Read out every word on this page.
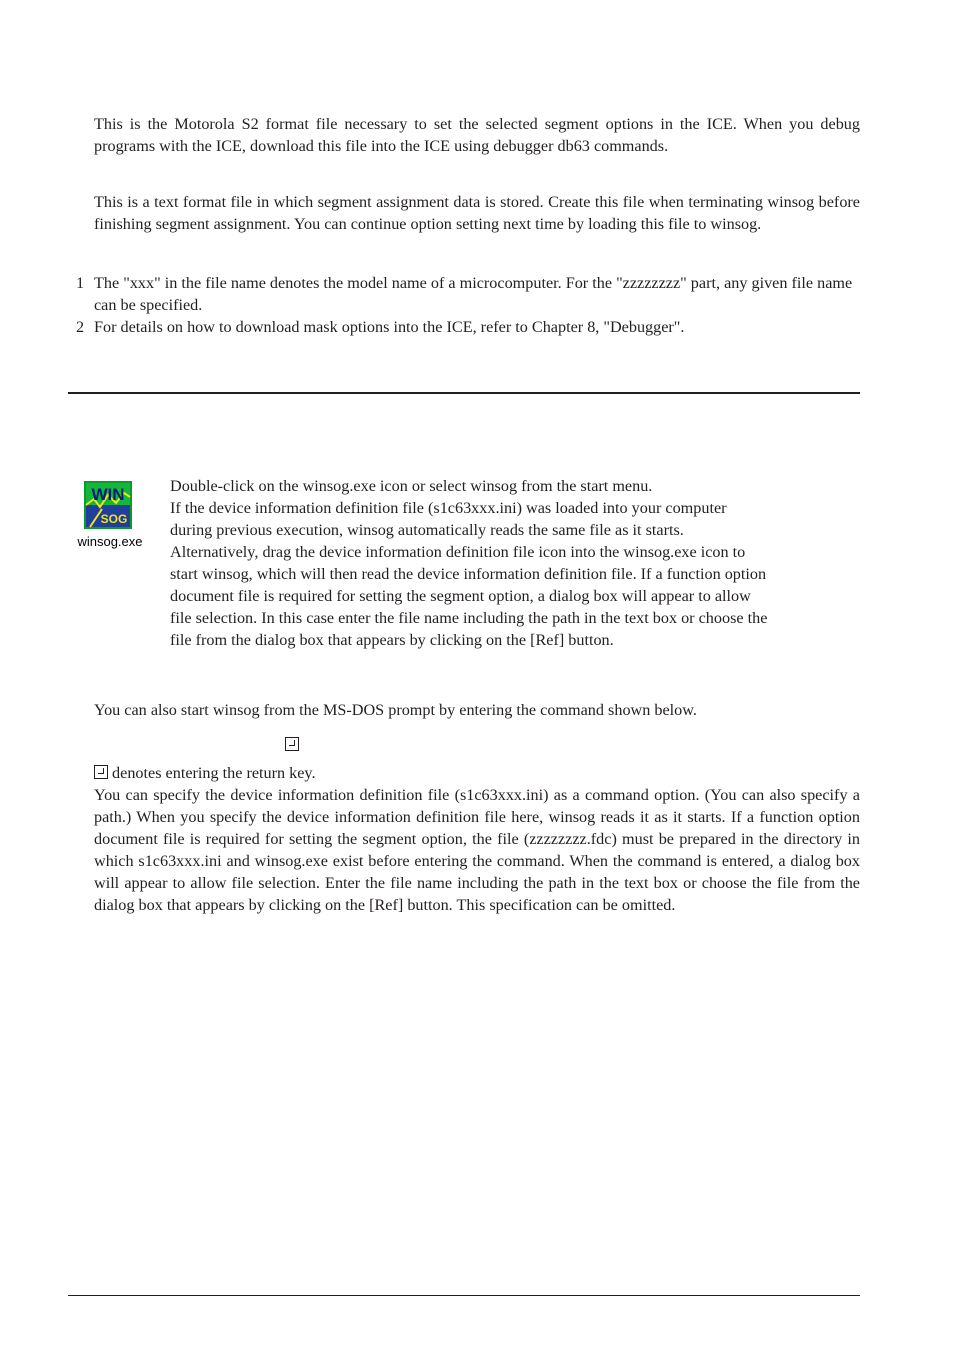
This is the Motorola S2 format file necessary to set the selected segment options in the ICE. When you debug programs with the ICE, download this file into the ICE using debugger db63 commands.

This is a text format file in which segment assignment data is stored. Create this file when terminating winsog before finishing segment assignment. You can continue option setting next time by loading this file to winsog.

1 The "xxx" in the file name denotes the model name of a microcomputer. For the "zzzzzzzz" part, any given file name can be specified.
2 For details on how to download mask options into the ICE, refer to Chapter 8, "Debugger".
WIN
SOG
winsog.exe
Double-click on the winsog.exe icon or select winsog from the start menu.
If the device information definition file (s1c63xxx.ini) was loaded into your computer
during previous execution, winsog automatically reads the same file as it starts.
Alternatively, drag the device information definition file icon into the winsog.exe icon to
start winsog, which will then read the device information definition file. If a function option
document file is required for setting the segment option, a dialog box will appear to allow
file selection. In this case enter the file name including the path in the text box or choose the
file from the dialog box that appears by clicking on the [Ref] button.

You can also start winsog from the MS-DOS prompt by entering the command shown below.

denotes entering the return key.

You can specify the device information definition file (s1c63xxx.ini) as a command option. (You can also specify a path.) When you specify the device information definition file here, winsog reads it as it starts. If a function option document file is required for setting the segment option, the file (zzzzzzzz.fdc) must be prepared in the directory in which s1c63xxx.ini and winsog.exe exist before entering the command. When the command is entered, a dialog box will appear to allow file selection. Enter the file name including the path in the text box or choose the file from the dialog box that appears by clicking on the [Ref] button. This specification can be omitted.
